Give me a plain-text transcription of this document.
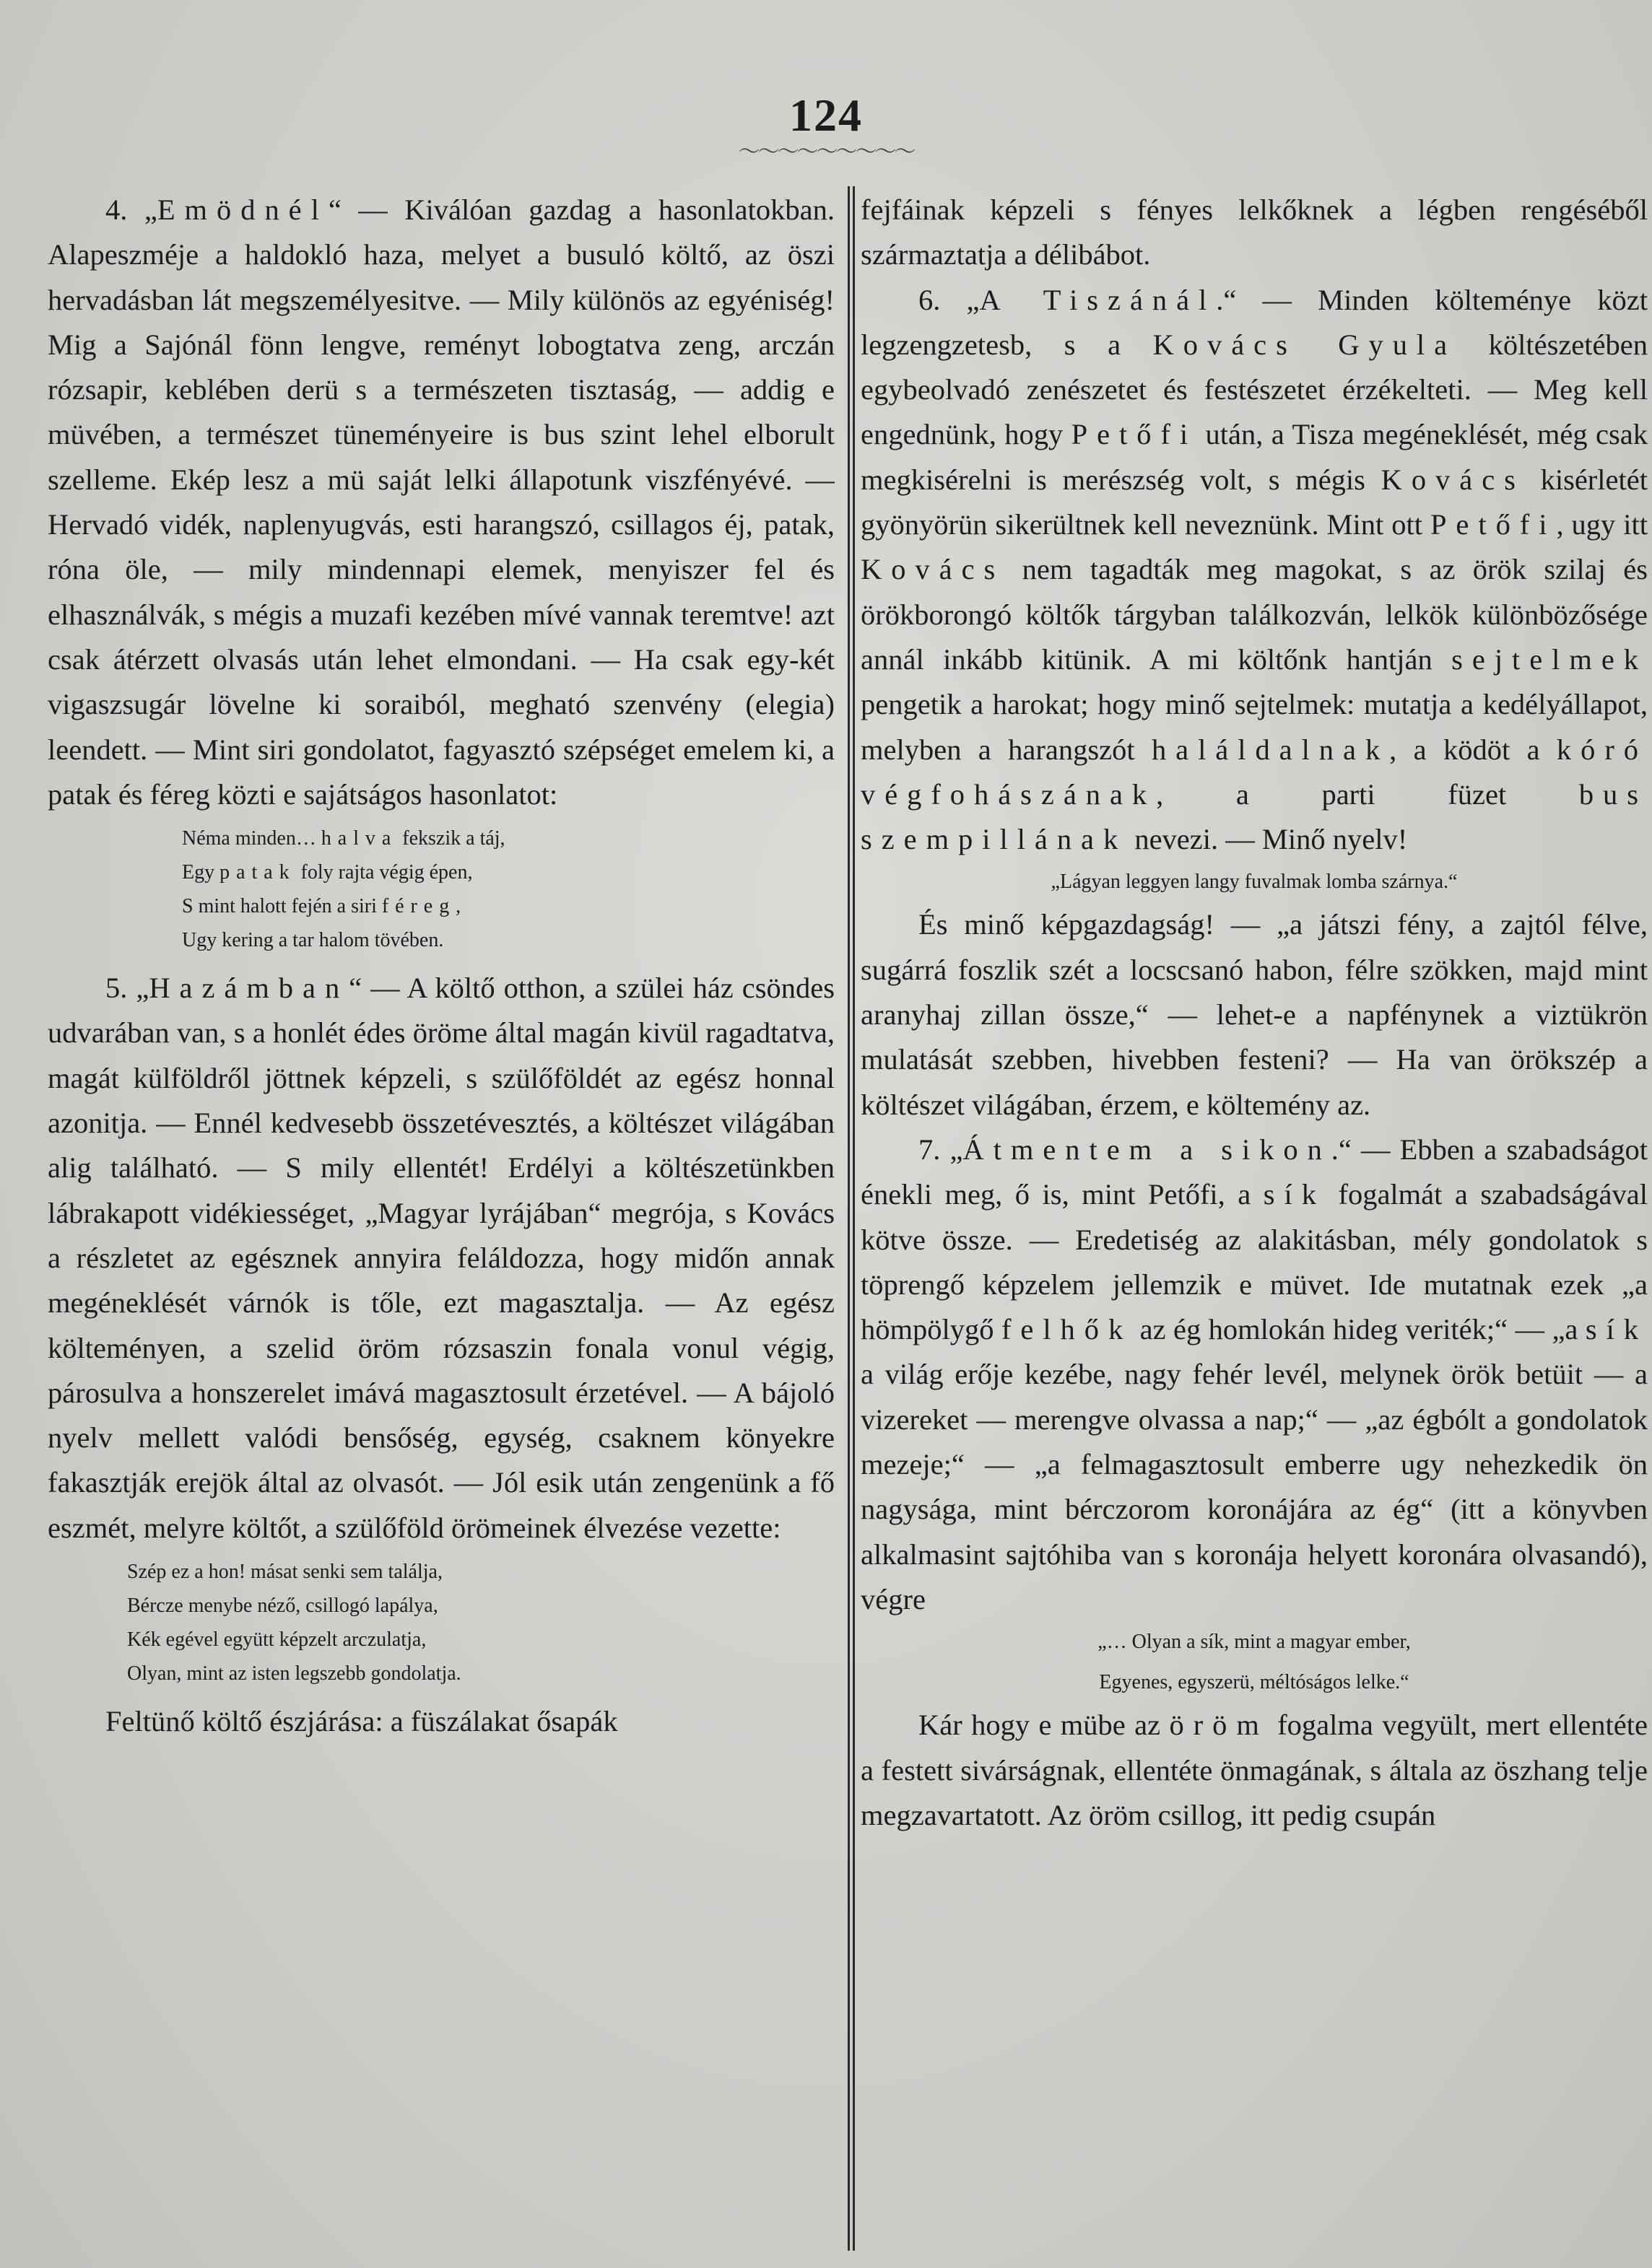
124
〜〜〜〜〜〜〜〜〜

4. „Emödnél“ — Kiválóan gazdag a hasonlatokban. Alapeszméje a haldokló haza, melyet a busuló költő, az öszi hervadásban lát megszemélyesitve. — Mily különös az egyéniség! Mig a Sajónál fönn lengve, reményt lobogtatva zeng, arczán rózsapir, keblében derü s a természeten tisztaság, — addig e müvében, a természet tüneményeire is bus szint lehel elborult szelleme. Ekép lesz a mü saját lelki állapotunk viszfényévé. — Hervadó vidék, naplenyugvás, esti harangszó, csillagos éj, patak, róna öle, — mily mindennapi elemek, menyiszer fel és elhasználvák, s mégis a muzafi kezében mívé vannak teremtve! azt csak átérzett olvasás után lehet elmondani. — Ha csak egy-két vigaszsugár lövelne ki soraiból, megható szenvény (elegia) leendett. — Mint siri gondolatot, fagyasztó szépséget emelem ki, a patak és féreg közti e sajátságos hasonlatot:

Néma minden… halva fekszik a táj,
Egy patak foly rajta végig épen,
S mint halott fején a siri féreg,
Ugy kering a tar halom tövében.

5. „Hazámban“ — A költő otthon, a szülei ház csöndes udvarában van, s a honlét édes öröme által magán kivül ragadtatva, magát külföldről jöttnek képzeli, s szülőföldét az egész honnal azonitja. — Ennél kedvesebb összetévesztés, a költészet világában alig található. — S mily ellentét! Erdélyi a költészetünkben lábrakapott vidékiességet, „Magyar lyrájában“ megrója, s Kovács a részletet az egésznek annyira feláldozza, hogy midőn annak megéneklését várnók is tőle, ezt magasztalja. — Az egész költeményen, a szelid öröm rózsaszin fonala vonul végig, párosulva a honszerelet imává magasztosult érzetével. — A bájoló nyelv mellett valódi bensőség, egység, csaknem könyekre fakasztják erejök által az olvasót. — Jól esik után zengenünk a fő eszmét, melyre költőt, a szülőföld örömeinek élvezése vezette:

Szép ez a hon! másat senki sem találja,
Bércze menybe néző, csillogó lapálya,
Kék egével együtt képzelt arczulatja,
Olyan, mint az isten legszebb gondolatja.

Feltünő költő észjárása: a füszálakat ősapák

fejfáinak képzeli s fényes lelkőknek a légben rengéséből származtatja a délibábot.

6. „A Tiszánál.“ — Minden költeménye közt legzengzetesb, s a Kovács Gyula költészetében egybeolvadó zenészetet és festészetet érzékelteti. — Meg kell engednünk, hogy Petőfi után, a Tisza megéneklését, még csak megkisérelni is merészség volt, s mégis Kovács kisérletét gyönyörün sikerültnek kell neveznünk. Mint ott Petőfi, ugy itt Kovács nem tagadták meg magokat, s az örök szilaj és örökborongó költők tárgyban találkozván, lelkök különbözősége annál inkább kitünik. A mi költőnk hantján sejtelmek pengetik a harokat; hogy minő sejtelmek: mutatja a kedélyállapot, melyben a harangszót haláldalnak, a ködöt a kóró végfohászának, a parti füzet bus szempillának nevezi. — Minő nyelv!

„Lágyan leggyen langy fuvalmak lomba szárnya.“

És minő képgazdagság! — „a játszi fény, a zajtól félve, sugárrá foszlik szét a locscsanó habon, félre szökken, majd mint aranyhaj zillan össze,“ — lehet-e a napfénynek a viztükrön mulatását szebben, hivebben festeni? — Ha van örökszép a költészet világában, érzem, e költemény az.

7. „Átmentem a sikon.“ — Ebben a szabadságot énekli meg, ő is, mint Petőfi, a sík fogalmát a szabadságával kötve össze. — Eredetiség az alakitásban, mély gondolatok s töprengő képzelem jellemzik e müvet. Ide mutatnak ezek „a hömpölygő felhők az ég homlokán hideg veriték;“ — „a sík a világ erője kezébe, nagy fehér levél, melynek örök betüit — a vizereket — merengve olvassa a nap;“ — „az égbólt a gondolatok mezeje;“ — „a felmagasztosult emberre ugy nehezkedik ön nagysága, mint bérczorom koronájára az ég“ (itt a könyvben alkalmasint sajtóhiba van s koronája helyett koronára olvasandó), végre

„… Olyan a sík, mint a magyar ember,

Egyenes, egyszerü, méltóságos lelke.“

Kár hogy e mübe az öröm fogalma vegyült, mert ellentéte a festett sivárságnak, ellentéte önmagának, s általa az öszhang telje megzavartatott. Az öröm csillog, itt pedig csupán
